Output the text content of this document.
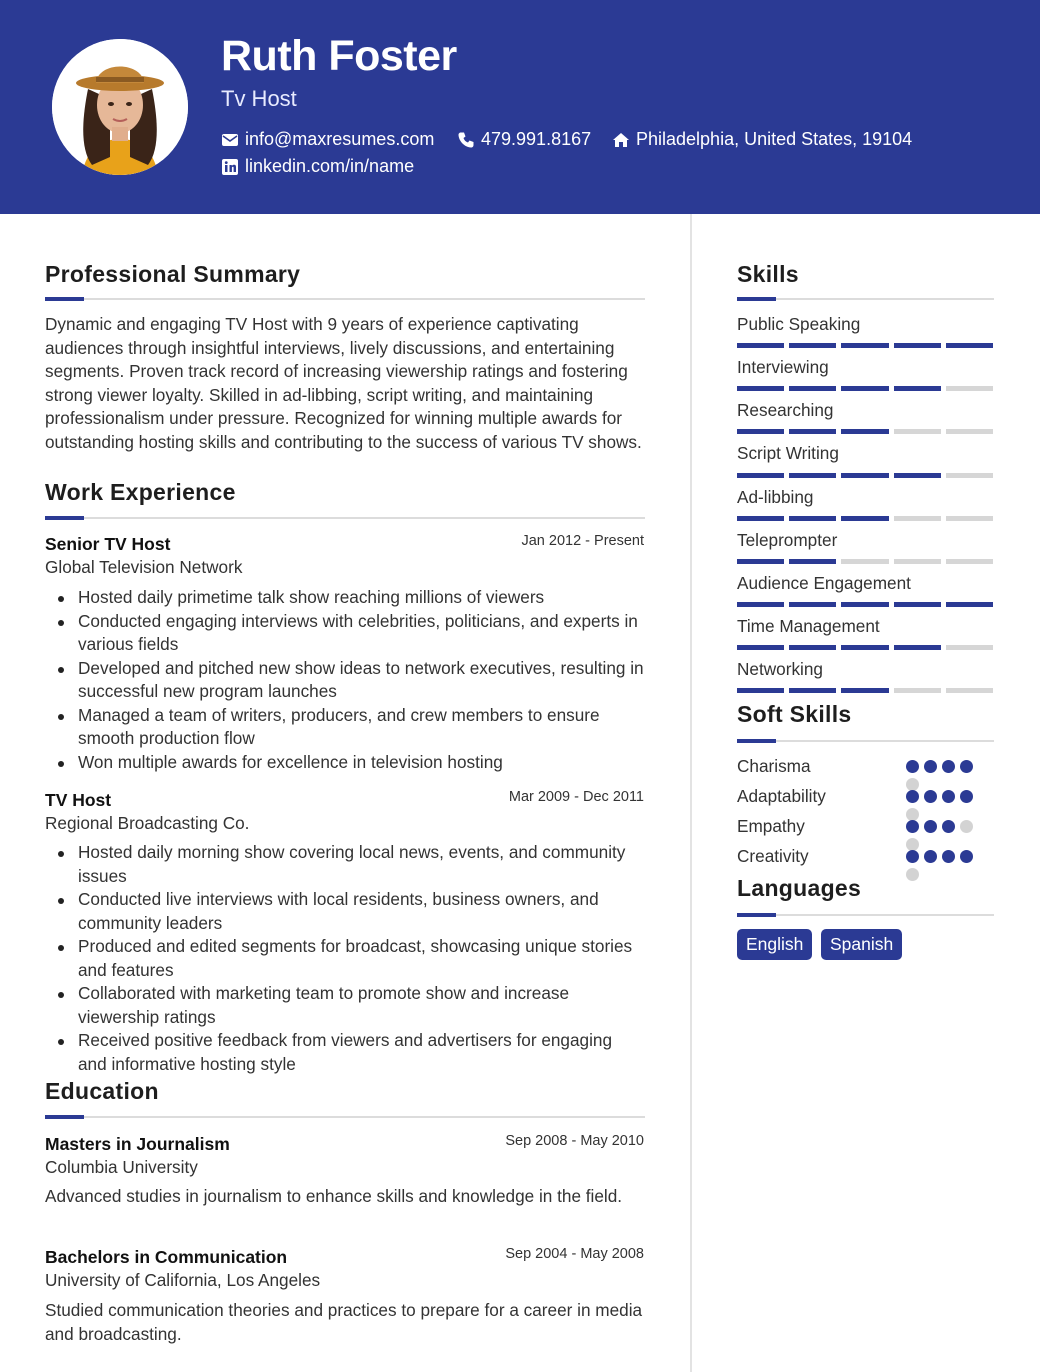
Ruth Foster
Tv Host
info@maxresumes.com	479.991.8167 Philadelphia, United States, 19104
linkedin.com/in/name
Professional Summary
Dynamic and engaging TV Host with 9 years of experience captivating audiences through insightful interviews, lively discussions, and entertaining segments. Proven track record of increasing viewership ratings and fostering strong viewer loyalty. Skilled in ad-libbing, script writing, and maintaining professionalism under pressure. Recognized for winning multiple awards for outstanding hosting skills and contributing to the success of various TV shows.
Work Experience
Senior TV Host	Jan 2012 - Present
Global Television Network
Hosted daily primetime talk show reaching millions of viewers
Conducted engaging interviews with celebrities, politicians, and experts in various fields
Developed and pitched new show ideas to network executives, resulting in successful new program launches
Managed a team of writers, producers, and crew members to ensure smooth production flow
Won multiple awards for excellence in television hosting
TV Host	Mar 2009 - Dec 2011
Regional Broadcasting Co.
Hosted daily morning show covering local news, events, and community issues
Conducted live interviews with local residents, business owners, and community leaders
Produced and edited segments for broadcast, showcasing unique stories and features
Collaborated with marketing team to promote show and increase viewership ratings
Received positive feedback from viewers and advertisers for engaging and informative hosting style
Education
Masters in Journalism	Sep 2008 - May 2010
Columbia University
Advanced studies in journalism to enhance skills and knowledge in the field.
Bachelors in Communication	Sep 2004 - May 2008
University of California, Los Angeles
Studied communication theories and practices to prepare for a career in media and broadcasting.
Skills
Public Speaking
Interviewing
Researching
Script Writing
Ad-libbing
Teleprompter
Audience Engagement
Time Management
Networking
Soft Skills
Charisma
Adaptability
Empathy
Creativity
Languages
English	Spanish
